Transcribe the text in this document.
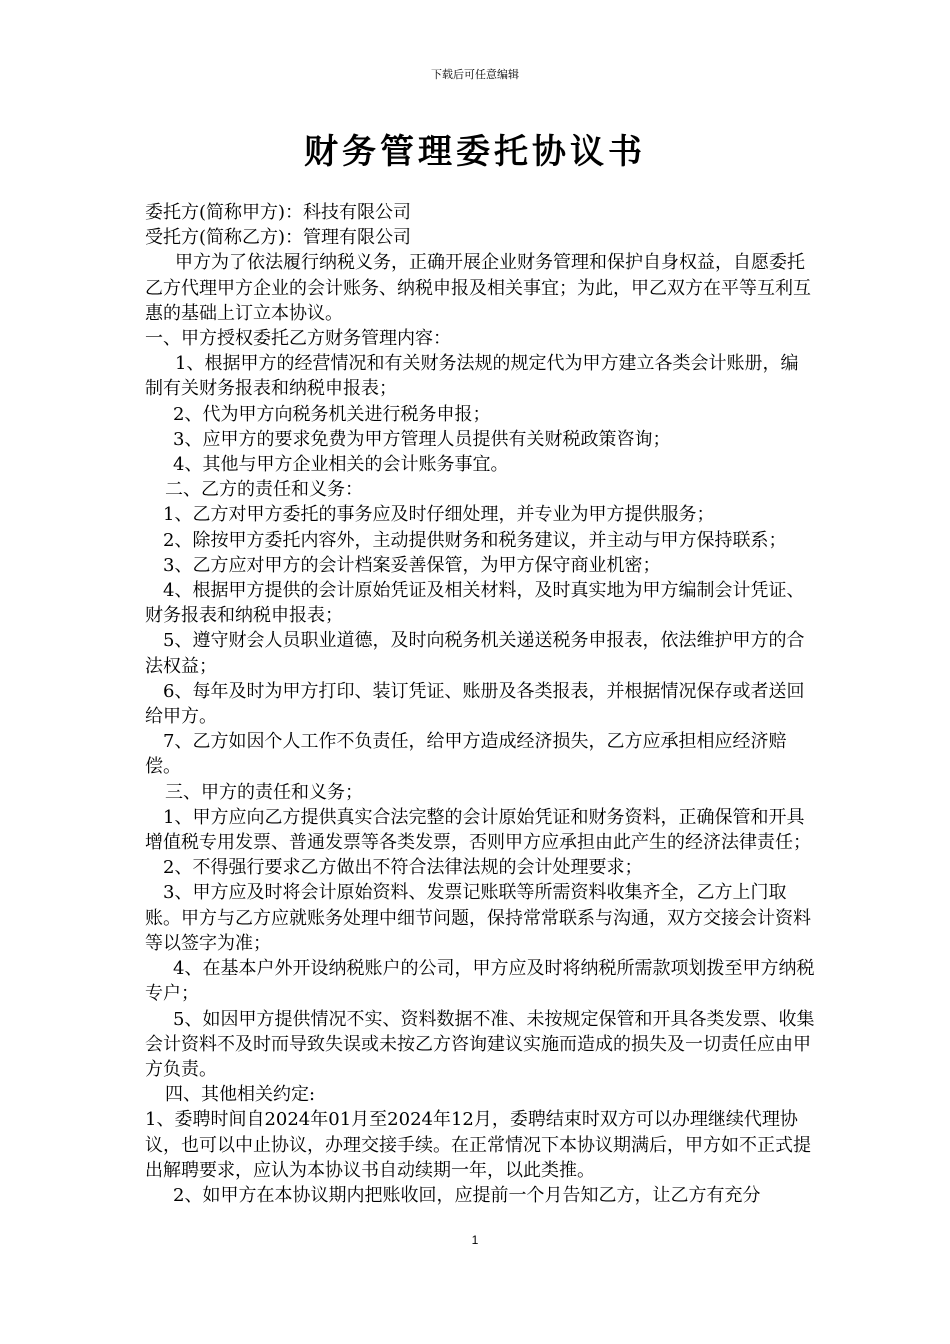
下载后可任意编辑
财务管理委托协议书

委托方(简称甲方)：科技有限公司

受托方(简称乙方)：管理有限公司

甲方为了依法履行纳税义务，正确开展企业财务管理和保护自身权益，自愿委托乙方代理甲方企业的会计账务、纳税申报及相关事宜；为此，甲乙双方在平等互利互惠的基础上订立本协议。

一、甲方授权委托乙方财务管理内容：

1、根据甲方的经营情况和有关财务法规的规定代为甲方建立各类会计账册，编制有关财务报表和纳税申报表；

2、代为甲方向税务机关进行税务申报；

3、应甲方的要求免费为甲方管理人员提供有关财税政策咨询；

4、其他与甲方企业相关的会计账务事宜。

二、乙方的责任和义务：

1、乙方对甲方委托的事务应及时仔细处理，并专业为甲方提供服务；

2、除按甲方委托内容外，主动提供财务和税务建议，并主动与甲方保持联系；

3、乙方应对甲方的会计档案妥善保管，为甲方保守商业机密；

4、根据甲方提供的会计原始凭证及相关材料，及时真实地为甲方编制会计凭证、财务报表和纳税申报表；

5、遵守财会人员职业道德，及时向税务机关递送税务申报表，依法维护甲方的合法权益；

6、每年及时为甲方打印、装订凭证、账册及各类报表，并根据情况保存或者送回给甲方。

7、乙方如因个人工作不负责任，给甲方造成经济损失，乙方应承担相应经济赔偿。

三、甲方的责任和义务；

1、甲方应向乙方提供真实合法完整的会计原始凭证和财务资料，正确保管和开具增值税专用发票、普通发票等各类发票，否则甲方应承担由此产生的经济法律责任；

2、不得强行要求乙方做出不符合法律法规的会计处理要求；

3、甲方应及时将会计原始资料、发票记账联等所需资料收集齐全，乙方上门取账。甲方与乙方应就账务处理中细节问题，保持常常联系与沟通，双方交接会计资料等以签字为准；

4、在基本户外开设纳税账户的公司，甲方应及时将纳税所需款项划拨至甲方纳税专户；

5、如因甲方提供情况不实、资料数据不准、未按规定保管和开具各类发票、收集会计资料不及时而导致失误或未按乙方咨询建议实施而造成的损失及一切责任应由甲方负责。

四、其他相关约定:

1、委聘时间自2024年01月至2024年12月，委聘结束时双方可以办理继续代理协议，也可以中止协议，办理交接手续。在正常情况下本协议期满后，甲方如不正式提出解聘要求，应认为本协议书自动续期一年，以此类推。

2、如甲方在本协议期内把账收回，应提前一个月告知乙方，让乙方有充分

1
